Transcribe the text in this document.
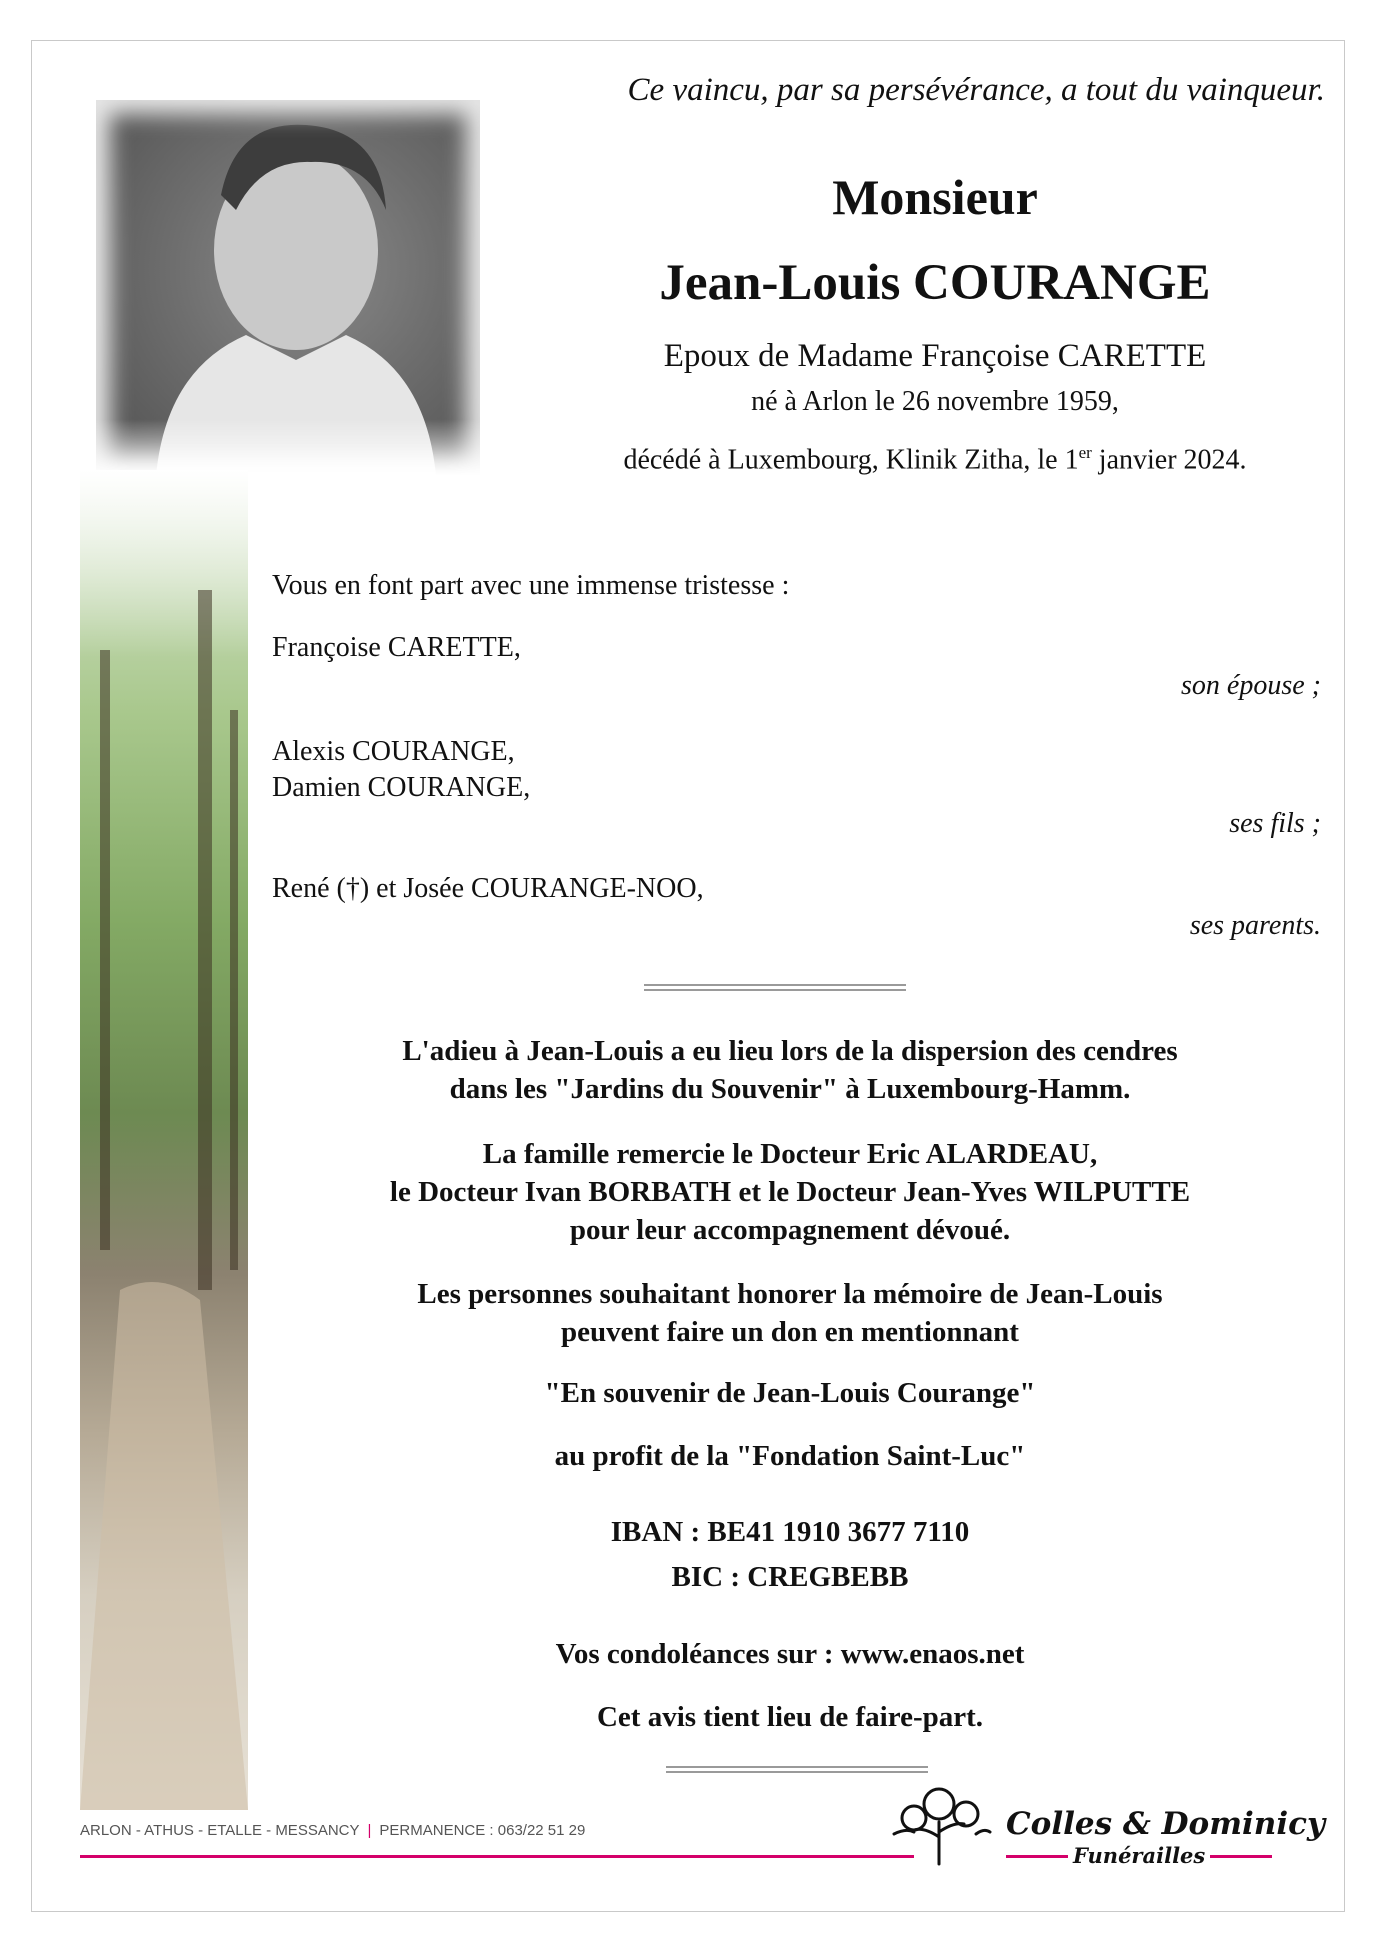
Ce vaincu, par sa persévérance, a tout du vainqueur.
Monsieur
Jean-Louis COURANGE
Epoux de Madame Françoise CARETTE
né à Arlon le 26 novembre 1959,
décédé à Luxembourg, Klinik Zitha, le 1er janvier 2024.
Vous en font part avec une immense tristesse :
Françoise CARETTE,
son épouse ;
Alexis COURANGE,
Damien COURANGE,
ses fils ;
René (†) et Josée COURANGE-NOO,
ses parents.
L'adieu à Jean-Louis a eu lieu lors de la dispersion des cendres
dans les "Jardins du Souvenir" à Luxembourg-Hamm.
La famille remercie le Docteur Eric ALARDEAU,
le Docteur Ivan BORBATH et le Docteur Jean-Yves WILPUTTE
pour leur accompagnement dévoué.
Les personnes souhaitant honorer la mémoire de Jean-Louis
peuvent faire un don en mentionnant
"En souvenir de Jean-Louis Courange"
au profit de la "Fondation Saint-Luc"
IBAN : BE41 1910 3677 7110
BIC : CREGBEBB
Vos condoléances sur : www.enaos.net
Cet avis tient lieu de faire-part.
ARLON - ATHUS - ETALLE - MESSANCY | PERMANENCE : 063/22 51 29	Colles & Dominicy
Funérailles
